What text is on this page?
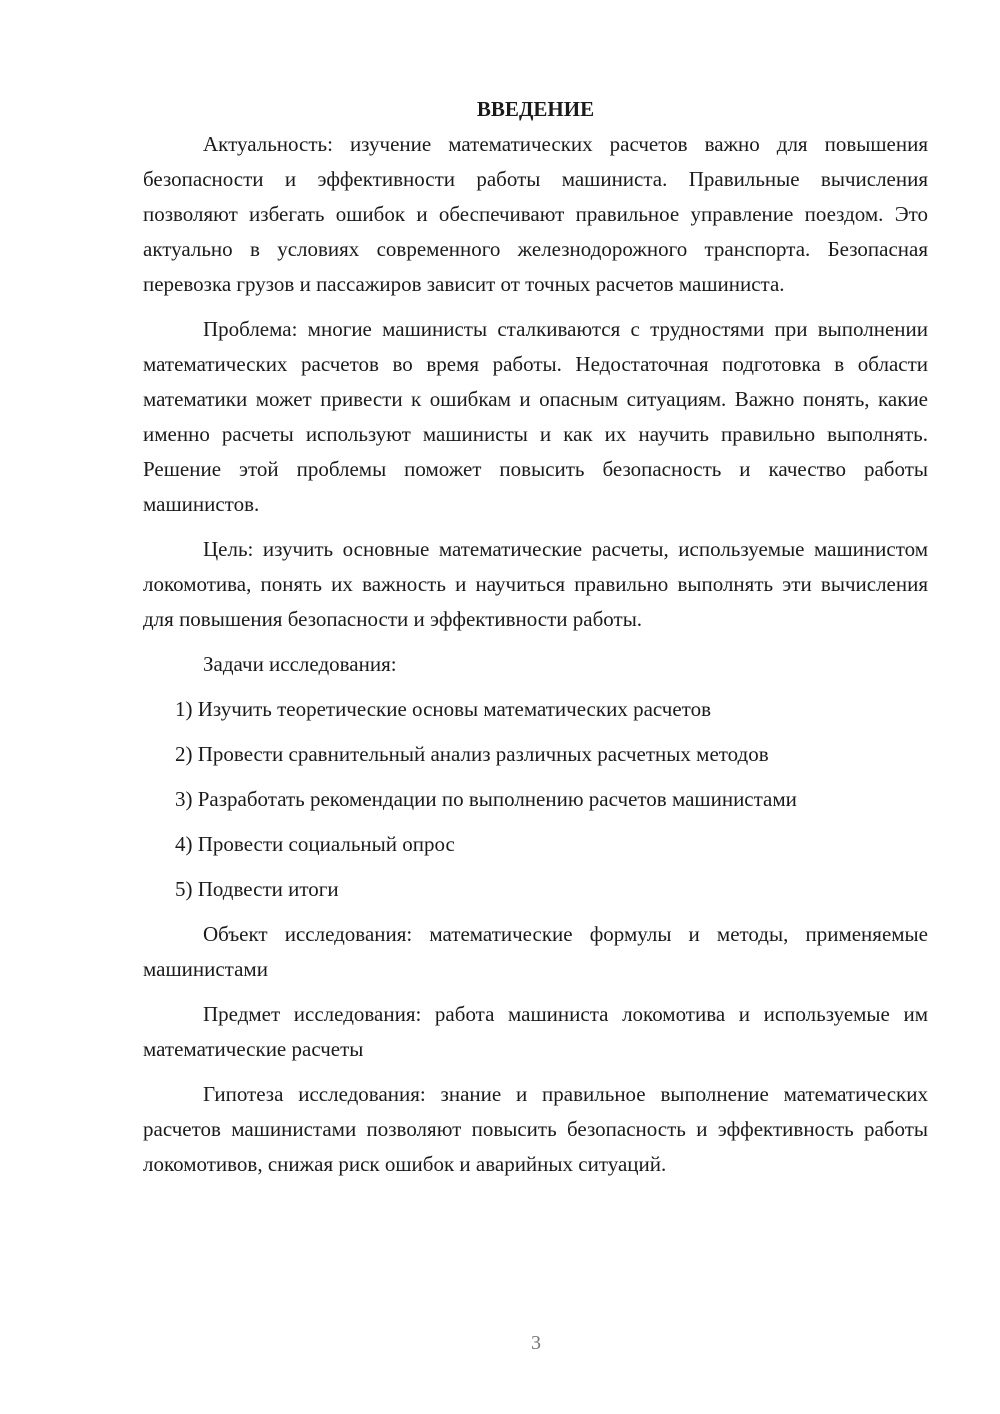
ВВЕДЕНИЕ

Актуальность: изучение математических расчетов важно для повышения безопасности и эффективности работы машиниста. Правильные вычисления позволяют избегать ошибок и обеспечивают правильное управление поездом. Это актуально в условиях современного железнодорожного транспорта. Безопасная перевозка грузов и пассажиров зависит от точных расчетов машиниста.

Проблема: многие машинисты сталкиваются с трудностями при выполнении математических расчетов во время работы. Недостаточная подготовка в области математики может привести к ошибкам и опасным ситуациям. Важно понять, какие именно расчеты используют машинисты и как их научить правильно выполнять. Решение этой проблемы поможет повысить безопасность и качество работы машинистов.

Цель: изучить основные математические расчеты, используемые машинистом локомотива, понять их важность и научиться правильно выполнять эти вычисления для повышения безопасности и эффективности работы.

Задачи исследования:

1) Изучить теоретические основы математических расчетов

2) Провести сравнительный анализ различных расчетных методов

3) Разработать рекомендации по выполнению расчетов машинистами

4) Провести социальный опрос

5) Подвести итоги

Объект исследования: математические формулы и методы, применяемые машинистами

Предмет исследования: работа машиниста локомотива и используемые им математические расчеты

Гипотеза исследования: знание и правильное выполнение математических расчетов машинистами позволяют повысить безопасность и эффективность работы локомотивов, снижая риск ошибок и аварийных ситуаций.

3
